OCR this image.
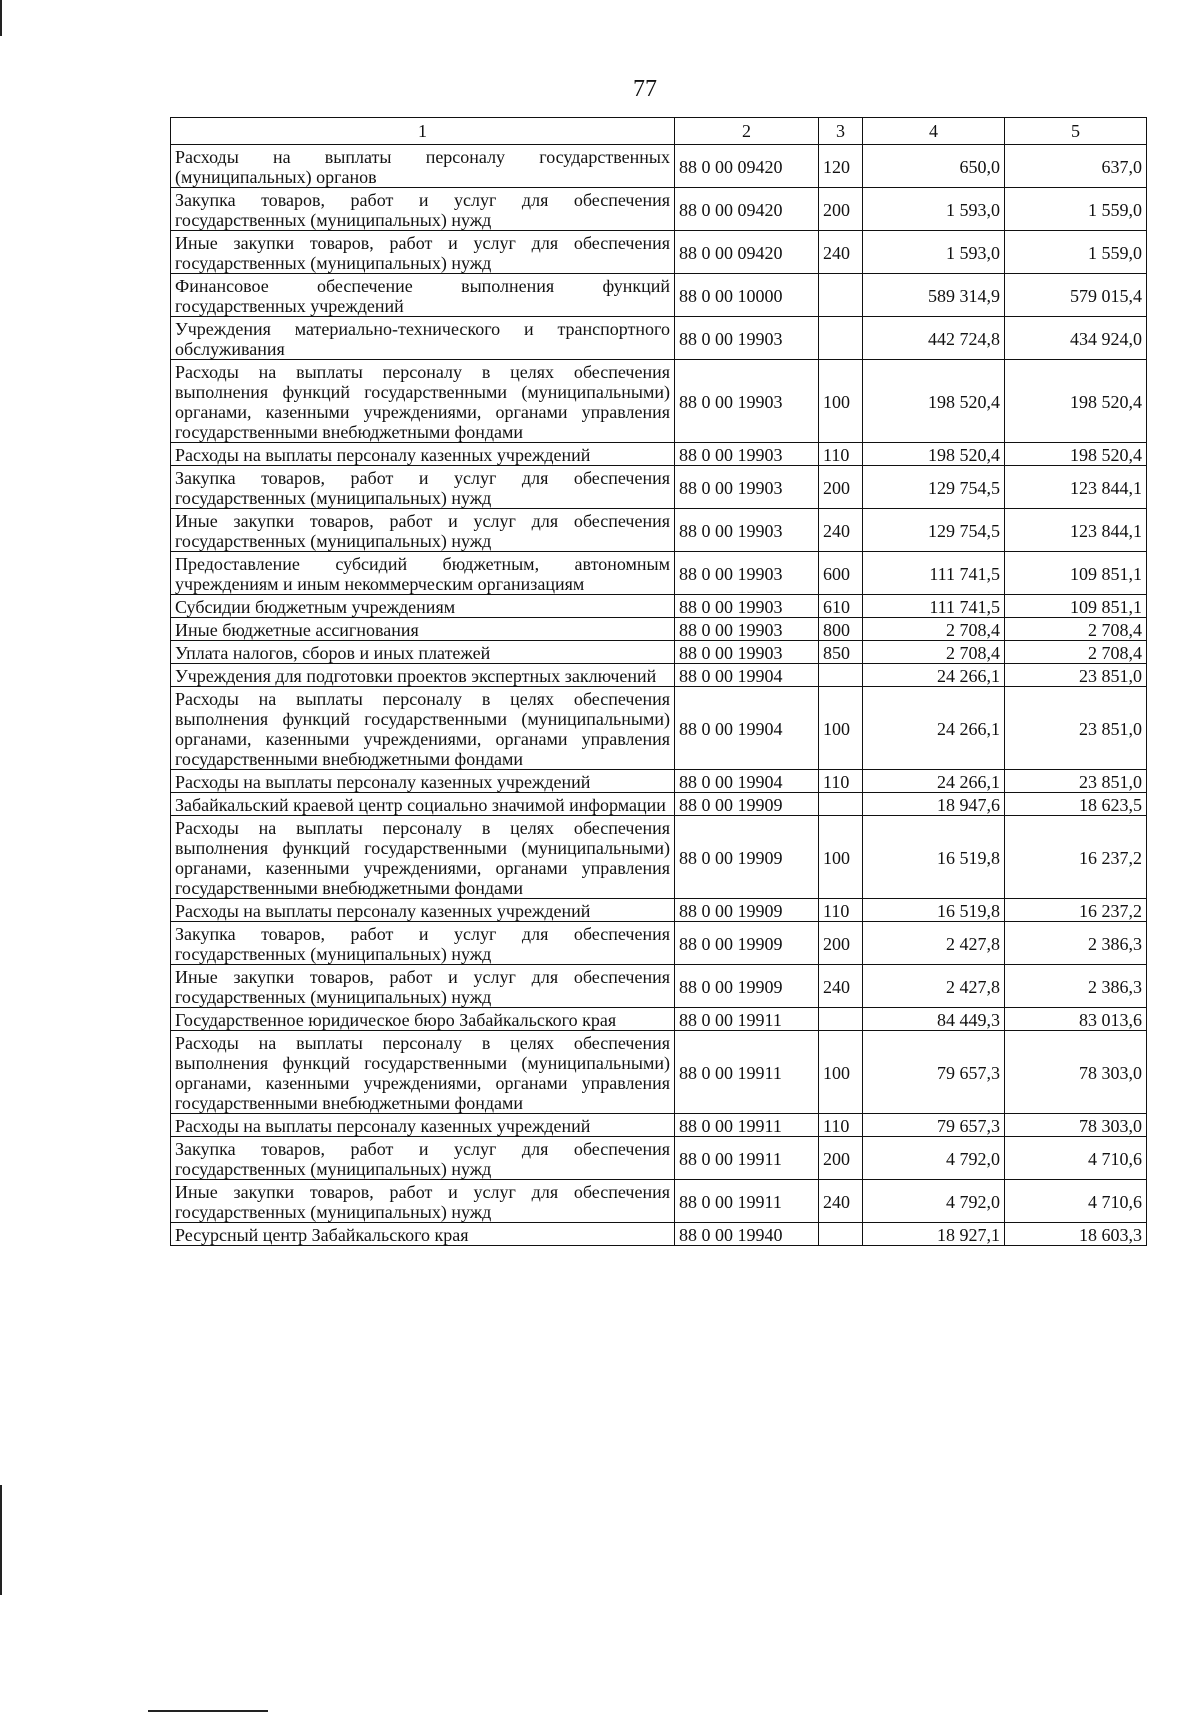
77
1	2	3	4	5
Расходы на выплаты персоналу государственных (муниципальных) органов	88 0 00 09420	120	650,0	637,0
Закупка товаров, работ и услуг для обеспечения государственных (муниципальных) нужд	88 0 00 09420	200	1 593,0	1 559,0
Иные закупки товаров, работ и услуг для обеспечения государственных (муниципальных) нужд	88 0 00 09420	240	1 593,0	1 559,0
Финансовое обеспечение выполнения функций государственных учреждений	88 0 00 10000		589 314,9	579 015,4
Учреждения материально-технического и транспортного обслуживания	88 0 00 19903		442 724,8	434 924,0
Расходы на выплаты персоналу в целях обеспечения выполнения функций государственными (муниципальными) органами, казенными учреждениями, органами управления государственными внебюджетными фондами	88 0 00 19903	100	198 520,4	198 520,4
Расходы на выплаты персоналу казенных учреждений	88 0 00 19903	110	198 520,4	198 520,4
Закупка товаров, работ и услуг для обеспечения государственных (муниципальных) нужд	88 0 00 19903	200	129 754,5	123 844,1
Иные закупки товаров, работ и услуг для обеспечения государственных (муниципальных) нужд	88 0 00 19903	240	129 754,5	123 844,1
Предоставление субсидий бюджетным, автономным учреждениям и иным некоммерческим организациям	88 0 00 19903	600	111 741,5	109 851,1
Субсидии бюджетным учреждениям	88 0 00 19903	610	111 741,5	109 851,1
Иные бюджетные ассигнования	88 0 00 19903	800	2 708,4	2 708,4
Уплата налогов, сборов и иных платежей	88 0 00 19903	850	2 708,4	2 708,4
Учреждения для подготовки проектов экспертных заключений	88 0 00 19904		24 266,1	23 851,0
Расходы на выплаты персоналу в целях обеспечения выполнения функций государственными (муниципальными) органами, казенными учреждениями, органами управления государственными внебюджетными фондами	88 0 00 19904	100	24 266,1	23 851,0
Расходы на выплаты персоналу казенных учреждений	88 0 00 19904	110	24 266,1	23 851,0
Забайкальский краевой центр социально значимой информации	88 0 00 19909		18 947,6	18 623,5
Расходы на выплаты персоналу в целях обеспечения выполнения функций государственными (муниципальными) органами, казенными учреждениями, органами управления государственными внебюджетными фондами	88 0 00 19909	100	16 519,8	16 237,2
Расходы на выплаты персоналу казенных учреждений	88 0 00 19909	110	16 519,8	16 237,2
Закупка товаров, работ и услуг для обеспечения государственных (муниципальных) нужд	88 0 00 19909	200	2 427,8	2 386,3
Иные закупки товаров, работ и услуг для обеспечения государственных (муниципальных) нужд	88 0 00 19909	240	2 427,8	2 386,3
Государственное юридическое бюро Забайкальского края	88 0 00 19911		84 449,3	83 013,6
Расходы на выплаты персоналу в целях обеспечения выполнения функций государственными (муниципальными) органами, казенными учреждениями, органами управления государственными внебюджетными фондами	88 0 00 19911	100	79 657,3	78 303,0
Расходы на выплаты персоналу казенных учреждений	88 0 00 19911	110	79 657,3	78 303,0
Закупка товаров, работ и услуг для обеспечения государственных (муниципальных) нужд	88 0 00 19911	200	4 792,0	4 710,6
Иные закупки товаров, работ и услуг для обеспечения государственных (муниципальных) нужд	88 0 00 19911	240	4 792,0	4 710,6
Ресурсный центр Забайкальского края	88 0 00 19940		18 927,1	18 603,3
